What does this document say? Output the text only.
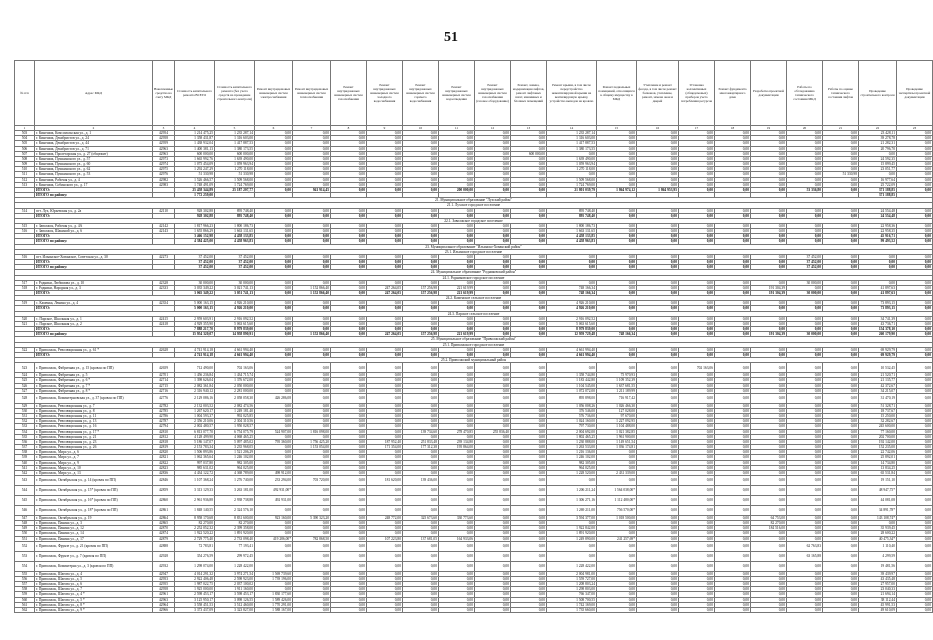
51
№ п/п	Адрес МКД	Накопленные средства на счету МКД	Стоимость капитального ремонта ВСЕГО	Стоимость капитального ремонта (без учета средств на проведение строительного контроля)	Ремонт внутридомовых инженерных систем электроснабжения	Ремонт внутридомовых инженерных систем теплоснабжения	Ремонт внутридомовых инженерных систем газоснабжения	Ремонт внутридомовых инженерных систем холодного водоснабжения	Ремонт внутридомовых инженерных систем горячего водоснабжения	Ремонт внутридомовых инженерных систем водоотведения	Ремонт внутридомовых инженерных систем газоснабжения (газовое оборудование)	Ремонт, замена, модернизация лифтов, ремонт лифтовых шахт, машинных и блочных помещений	Ремонт крыши, в том числе переустройство невентилируемой крыши на вентилируемую крышу, устройство выходов на кровлю	Ремонт подвальных помещений, относящихся к общему имуществу в МКД	Утепление и ремонт фасада, в том числе ремонт балконов, утепление, ремонт, замена окон и дверей	Установка коллективных (общедомовых) приборов учета потребления ресурсов	Ремонт фундамента многоквартирного дома	Разработка проектной документации	Работы по обследованию технического состояния МКД	Работы по оценке технического состояния лифтов	Проведение строительного контроля	Проведение экспертизы проектной документации
1	2	3	4	5	6	7	8	9	10	11	12	13	14	15	16	17	18	19	20	21	22	23
503	г. Кинешма, Комсомольская ул., д. 1	42954	1 214 475,25	1 235 287,14	0,00	0,00	0,00	0,00	0,00	0,00	0,00	0,00	1 235 287,14	0,00	0,00	0,00	0,00	0,00	0,00	0,00	23 428,11	0,00
504	г. Кинешма, Декабристов ул., д. 24	42958	1 358 431,87	1 316 603,00	0,00	0,00	0,00	0,00	0,00	0,00	0,00	0,00	1 316 603,00	0,00	0,00	0,00	0,00	0,00	0,00	0,00	39 278,78	0,00
505	г. Кинешма, Декабристов ул., д. 44	42959	1 438 932,04	1 417 887,53	0,00	0,00	0,00	0,00	0,00	0,00	0,00	0,00	1 417 887,53	0,00	0,00	0,00	0,00	0,00	0,00	0,00	21 282,31	0,00
506	г. Кинешма, Декабристов ул., д. 71	42963	1 400 381,13	1 380 173,55	0,00	0,00	0,00	0,00	0,00	0,00	0,00	0,00	1 380 173,55	0,00	0,00	0,00	0,00	0,00	0,00	0,00	20 796,70	0,00
507	г. Кинешма, Пролетарская ул., д. 27 (общежит)	42963	600 000,00	600 000,00	0,00	0,00	0,00	0,00	0,00	0,00	0,00	600 000,00	0,00	0,00	0,00	0,00	0,00	0,00	0,00	0,00	0,00	0,00
508	г. Кинешма, Пушкинского ул., д. 57	42973	1 665 992,76	1 639 490,00	0,00	0,00	0,00	0,00	0,00	0,00	0,00	0,00	1 639 490,00	0,00	0,00	0,00	0,00	0,00	0,00	0,00	24 592,35	0,00
509	г. Кинешма, Пушкинского ул., д. 60	42974	1 075 454,09	1 059 963,94	0,00	0,00	0,00	0,00	0,00	0,00	0,00	0,00	1 059 963,94	0,00	0,00	0,00	0,00	0,00	0,00	0,00	15 899,45	0,00
510	г. Кинешма, Пушкинского ул., д. 62	42975	1 292 247,29	1 270 118,00	0,00	0,00	0,00	0,00	0,00	0,00	0,00	0,00	1 270 118,00	0,00	0,00	0,00	0,00	0,00	0,00	0,00	23 051,77	0,00
511	г. Кинешма, Пушкинского ул., д. 53	42976	51 330,98	51 330,98	0,00	0,00	0,00	0,00	0,00	0,00	0,00	0,00	0,00	0,00	0,00	0,00	0,00	0,00	0,00	51 330,98	0,00	0,00
512	г. Кинешма, Рабочая ул., д. 4	42982	1 526 466,57	1 509 568,00	0,00	0,00	0,00	0,00	0,00	0,00	0,00	0,00	1 509 568,00	0,00	0,00	0,00	0,00	0,00	0,00	0,00	16 977,64	0,00
513	г. Кинешма, Собинского ул., д. 17	42983	1 748 491,09	1 724 769,00	0,00	0,00	0,00	0,00	0,00	0,00	0,00	0,00	1 724 769,00	0,00	0,00	0,00	0,00	0,00	0,00	0,00	25 722,09	0,00
	ИТОГО:		25 458 344,89	25 187 207,77	0,00	941 914,45	0,00	0,00	0,00	200 000,00	0,00	0,00	21 801 039,79	1 864 974,12	1 864 953,95	0,00	0,00	0,00	53 336,80	0,00	371 188,85	0,00
	ИТОГО по району:		1 772 259,00																		371 188,85	
21. Муниципальное образование "Лухский район"																						
21.1. Лухское городское поселение																						
514	пгт. Лух, Юрьевская ул., д. 2а	42110	928 302,88	895 748,40	0,00	0,00	0,00	0,00	0,00	0,00	0,00	0,00	895 748,40	0,00	0,00	0,00	0,00	0,00	0,00	0,00	24 554,48	0,00
	ИТОГО:		928 302,88	895 748,40	0,00	0,00	0,00	0,00	0,00	0,00	0,00	0,00	895 748,40	0,00	0,00	0,00	0,00	0,00	0,00	0,00	24 554,48	0,00
22.1. Заволжское городское поселение																						
515	г. Заволжск, Рабочая ул., д. 4А	42142	1 817 966,23	1 800 186,73	0,00	0,00	0,00	0,00	0,00	0,00	0,00	0,00	1 800 186,73	0,00	0,00	0,00	0,00	0,00	0,00	0,00	22 958,36	0,00
516	г. Заволжск, Шакиной ул., д. 6	42143	1 655 866,29	1 663 131,65	0,00	0,00	0,00	0,00	0,00	0,00	0,00	0,00	1 663 131,65	0,00	0,00	0,00	0,00	0,00	0,00	0,00	22 958,35	0,00
	ИТОГО:		3 466 152,98	4 458 133,85	0,00	0,00	0,00	0,00	0,00	0,00	0,00	0,00	4 458 133,85	0,00	0,00	0,00	0,00	0,00	0,00	0,00	45 916,71	0,00
	ИТОГО по району:		4 384 425,00	4 458 963,83	0,00	0,00	0,00	0,00	0,00	0,00	0,00	0,00	4 458 963,83	0,00	0,00	0,00	0,00	0,00	0,00	0,00	99 493,52	0,00
23. Муниципальное образование "Ильинско-Хованский район"																						
23.1. Ильинское городское поселение																						
516	пгт. Ильинское-Хованское, Советская ул., д. 30	42273	37 452,00	37 452,00	0,00	0,00	0,00	0,00	0,00	0,00	0,00	0,00	0,00	0,00	0,00	0,00	0,00	0,00	37 452,00	0,00	0,00	0,00
	ИТОГО:		37 452,00	37 452,00	0,00	0,00	0,00	0,00	0,00	0,00	0,00	0,00	0,00	0,00	0,00	0,00	0,00	0,00	37 452,00	0,00	0,00	0,00
	ИТОГО по району:		37 452,00	37 452,00	0,00	0,00	0,00	0,00	0,00	0,00	0,00	0,00	0,00	0,00	0,00	0,00	0,00	0,00	37 452,00	0,00	0,00	0,00
24. Муниципальное образование "Родниковский район"																						
24.1. Родниковское городское поселение																						
517	г. Родники, Любимова ул., д. 10	42328	30 000,00	30 000,00	0,00	0,00	0,00	0,00	0,00	0,00	0,00	0,00	0,00	0,00	0,00	0,00	0,00	0,00	30 000,00	0,00	0,00	0,00
518	г. Родники, Народная ул., д. 3	42333	3 035 349,22	3 021 741,13	0,00	1 152 866,40	0,00	247 264,05	157 256,98	221 619,99	0,00	0,00	748 166,34	0,00	0,00	0,00	0,00	191 304,39	0,00	0,00	41 897,63	0,00
	ИТОГО:		3 065 349,22	3 051 741,13	0,00	1 152 866,40	0,00	247 264,05	157 256,98	221 619,99	0,00	0,00	748 166,34	0,00	0,00	0,00	0,00	191 304,39	30 000,00	0,00	41 897,63	0,00
24.2. Каменское сельское поселение																						
519	с. Каменка, Ленина ул., д. 4	42354	5 000 163,15	4 926 210,00	0,00	0,00	0,00	0,00	0,00	0,00	0,00	0,00	4 926 210,00	0,00	0,00	0,00	0,00	0,00	0,00	0,00	73 893,15	0,00
	ИТОГО:		5 000 163,15	4 926 210,00	0,00	0,00	0,00	0,00	0,00	0,00	0,00	0,00	4 926 210,00	0,00	0,00	0,00	0,00	0,00	0,00	0,00	73 893,15	0,00
24.3. Парское сельское поселение																						
520	с. Парское, Школьная ул., д. 1	42415	2 959 603,91	2 916 092,52	0,00	0,00	0,00	0,00	0,00	0,00	0,00	0,00	2 916 092,52	0,00	0,00	0,00	0,00	0,00	0,00	0,00	34 741,39	0,00
521	с. Парское, Школьная ул., д. 2	42418	4 929 355,90	5 063 615,60	0,00	0,00	0,00	0,00	0,00	0,00	0,00	0,00	5 063 615,60	0,00	0,00	0,00	0,00	0,00	0,00	0,00	43 736,71	0,00
	ИТОГО:		7 888 217,70	8 979 839,00	0,00	0,00	0,00	0,00	0,00	0,00	0,00	0,00	8 979 839,00	0,00	0,00	0,00	0,00	0,00	0,00	0,00	154 378,10	0,00
	ИТОГО по району:		15 954 320,07	14 958 890,91	0,00	1 152 866,40	0,00	247 264,05	157 256,98	221 619,99	0,00	0,00	12 959 729,48	748 166,34	0,00	0,00	0,00	191 304,39	30 000,00	0,00	260 179,90	0,00
25. Муниципальное образование "Приволжский район"																						
25.1. Приволжское городское поселение																						
522	г. Приволжск, Революционная ул., д. 61 *	42628	4 741 914,18	4 661 994,40	0,00	0,00	0,00	0,00	0,00	0,00	0,00	0,00	4 661 994,40	0,00	0,00	0,00	0,00	0,00	0,00	0,00	69 929,79	0,00
	ИТОГО:		4 741 914,18	4 661 994,40	0,00	0,00	0,00	0,00	0,00	0,00	0,00	0,00	4 661 994,40	0,00	0,00	0,00	0,00	0,00	0,00	0,00	69 929,79	0,00
25.2. Приволжский муниципальный район																						
523	г. Приволжск, Фабричная ул., д. 15 (кровля по ПП)	42659	712 490,00	702 163,06	0,00	0,00	0,00	0,00	0,00	0,00	0,00	0,00	0,00	0,00	0,00	702 163,06	0,00	0,00	0,00	0,00	10 532,45	0,00
524	г. Приволжск, Фабричная ул., д. 5	42701	1 456 236,84	1 434 715,74	0,00	0,00	0,00	0,00	0,00	0,00	0,00	0,00	1 358 744,80	75 970,93	0,00	0,00	0,00	0,00	0,00	0,00	21 520,71	0,00
525	г. Приволжск, Фабричная ул., д. 6 *	42714	1 398 626,04	1 376 672,00	0,00	0,00	0,00	0,00	0,00	0,00	0,00	0,00	1 183 442,80	1 109 352,39	0,00	0,00	0,00	0,00	0,00	0,00	21 135,77	0,00
526	г. Приволжск, Фабричная ул., д. 7 *	42715	2 082 361,84	2 050 000,00	0,00	0,00	0,00	0,00	0,00	0,00	0,00	0,00	1 104 545,00	1 637 681,55	0,00	0,00	0,00	0,00	0,00	0,00	42 372,67	0,00
527	г. Приволжск, Фабричная ул., д. 8 *	42716	2 316 940,12	2 281 000,00	0,00	0,00	0,00	0,00	0,00	0,00	0,00	0,00	1 072 072,00	1 211 189,99	0,00	0,00	0,00	0,00	0,00	0,00	34 215,07	0,00
528	г. Приволжск, Коминтерновская ул., д. 37 (кровля по ПП)	42776	2 129 086,16	2 058 058,30	426 286,08	0,00	0,00	0,00	0,00	0,00	0,00	0,00	895 898,00	716 917,42	0,00	0,00	0,00	0,00	0,00	0,00	31 470,19	0,00
529	г. Приволжск, Революционная ул., д. 7	42782	2 132 003,52	2 082 474,56	0,00	0,00	0,00	0,00	0,00	0,00	0,00	0,00	1 056 008,26	1 026 466,30	0,00	0,00	0,00	0,00	0,00	0,00	51 328,71	0,00
530	г. Приволжск, Революционная ул., д. 8	42785	1 267 620,17	1 249 181,40	0,00	0,00	0,00	0,00	0,00	0,00	0,00	0,00	376 546,00	127 028,00	0,00	0,00	0,00	0,00	0,00	0,00	18 737,67	0,00
531	г. Приволжск, Революционная ул., д. 11	42786	1 004 593,37	992 025,85	0,00	0,00	0,00	0,00	0,00	0,00	0,00	0,00	576 736,00	97 670,00	0,00	0,00	0,00	0,00	0,00	0,00	15 250,00	0,00
532	г. Приволжск, Революционная ул., д. 13	42787	2 356 210,06	2 304 310,56	0,00	0,00	0,00	0,00	0,00	0,00	0,00	0,00	1 024 160,00	1 227 092,95	0,00	0,00	0,00	0,00	0,00	0,00	32 282,67	0,00
533	г. Приволжск, Революционная ул., д. 16	42794	2 002 480,57	1 950 028,57	0,00	0,00	0,00	0,00	0,00	0,00	0,00	0,00	797 730,00	1 104 488,00	0,00	0,00	0,00	0,00	0,00	0,00	245 600,00	0,00
534	г. Приволжск, Революционная ул., д. 17 *	42810	6 813 077,70	6 754 075,79	524 907,00	1 816 098,00	0,00	0,00	139 734,60	278 470,85	255 836,40	0,00	2 004 692,00	1 021 382,85	0,00	0,00	0,00	0,00	0,00	0,00	77 160,00	0,00
535	г. Приволжск, Революционная ул., д. 21	42812	4 128 499,90	4 068 465,25	0,00	0,00	0,00	0,00	0,00	0,00	0,00	0,00	1 802 465,25	1 961 900,00	0,00	0,00	0,00	0,00	0,00	0,00	202 700,00	0,00
536	г. Приволжск, Революционная ул., д. 23	42818	5 186 147,07	5 097 485,02	795 360,00	1 756 425,20	0,00	187 952,40	251 833,48	239 134,80	0,00	0,00	1 230 888,00	1 149 651,54	0,00	0,00	0,00	0,00	0,00	0,00	192 142,00	0,00
537	г. Приволжск, Революционная ул., д. 26	42819	2 153 783,34	3 235 968,05	0,00	1 153 054,00	0,00	171 354,00	177 312,38	195 864,00	0,00	0,00	1 263 533,00	1 036 174,81	0,00	0,00	0,00	0,00	0,00	0,00	152 235,00	0,00
538	г. Приволжск, Мира ул., д. 6	42820	1 506 893,86	1 521 206,29	0,00	0,00	0,00	0,00	0,00	0,00	0,00	0,00	1 216 136,00	0,00	0,00	0,00	0,00	0,00	0,00	0,00	22 742,06	0,00
539	г. Приволжск, Мира ул., д. 7	42821	1 062 365,64	1 246 102,00	0,00	0,00	0,00	0,00	0,00	0,00	0,00	0,00	1 246 102,00	0,00	0,00	0,00	0,00	0,00	0,00	0,00	25 892,01	0,00
540	г. Приволжск, Мира ул., д. 9	42822	997 037,80	982 305,00	0,00	0,00	0,00	0,00	0,00	0,00	0,00	0,00	982 305,00	0,00	0,00	0,00	0,00	0,00	0,00	0,00	14 734,80	0,00
541	г. Приволжск, Мира ул., д. 10	42823	985 631,02	964 025,00	0,00	0,00	0,00	0,00	0,00	0,00	0,00	0,00	964 025,00	0,00	0,00	0,00	0,00	0,00	0,00	0,00	13 834,25	0,00
542	г. Приволжск, Мира ул., д. 13	42836	4 434 122,72	4 368 789,00	498 912,00	0,00	0,00	0,00	0,00	0,00	0,00	0,00	1 228 520,00	2 431 339,00	0,00	0,00	0,00	0,00	0,00	0,00	65 531,84	0,00
543	г. Приволжск, Октябрьская ул., д. 14 (кровля по ПП)	42846	1 107 368,24	1 276 740,00	233 294,00	703 720,00	0,00	181 620,00	139 436,00	0,00	0,00	0,00	0,00	0,00	0,00	0,00	0,00	0,00	0,00	0,00	19 151,10	0,00
544	г. Приволжск, Октябрьская ул., д. 15* (кровля по ПП)	42859	3 313 129,33	3 263 181,00	492 931,00*	0,00	0,00	0,00	0,00	0,00	0,00	0,00	1 206 211,24	1 564 038,00*	0,00	0,00	0,00	0,00	0,00	0,00	48 947,75*	0,00
545	г. Приволжск, Октябрьская ул., д. 16* (кровля по ПП)	42860	2 961 936,88	2 938 738,88	492 931,00	0,00	0,00	0,00	0,00	0,00	0,00	0,00	1 306 271,16	1 112 480,00*	0,00	0,00	0,00	0,00	0,00	0,00	44 081,08	0,00
546	г. Приволжск, Октябрьская ул., д. 18* (кровля по ПП)	42861	1 848 140,55	2 324 576,10	0,00	0,00	0,00	0,00	0,00	0,00	0,00	0,00	1 269 211,00	756 570,00*	0,00	0,00	0,00	0,00	0,00	0,00	34 891,78*	0,00
547	г. Приволжск, Октябрьская ул., д. 19	42864	8 958 170,68	8 831 600,00	923 160,00	5 390 323,20	0,00	248 772,00	325 673,60	330 773,60	0,00	0,00	3 594 377,00	1 018 500,00	0,00	0,00	0,00	64 753,00	0,00	0,00	143 108,74*	0,00
548	г. Приволжск, Панина ул., д. 3	42865	82 270,00	82 270,00	0,00	0,00	0,00	0,00	0,00	0,00	0,00	0,00	0,00	0,00	0,00	0,00	0,00	82 270,00	0,00	0,00	0,00	0,00
549	г. Приволжск, Панина ул., д. 12	42870	2 252 052,32	2 399 358,00	0,00	0,00	0,00	0,00	0,00	0,00	0,00	0,00	1 922 842,00	0,00	0,00	0,00	0,00	184 516,00	0,00	0,00	35 939,45	0,00
550	г. Приволжск, Панина ул., д. 14	42874	1 922 520,22	1 891 920,00	0,00	0,00	0,00	0,00	0,00	0,00	0,00	0,00	1 891 920,00	0,00	0,00	0,00	0,00	0,00	0,00	0,00	28 600,22	0,00
551	г. Приволжск, Панина ул., д. 17	42879	2 729 775,40	2 733 098,40	419 286,00*	782 868,50	0,00	107 223,80	137 681,05	164 933,06	0,00	0,00	1 249 890,00	241 257,69*	0,00	0,00	0,00	0,00	0,00	0,00	40 475,34*	0,00
552	г. Приволжск, Фрунзе ул., д. 21 (кровля по ПП)	42888	72 783,81	77 193,41	0,00	0,00	0,00	0,00	0,00	0,00	0,00	0,00	0,00	0,00	0,00	0,00	0,00	0,00	62 763,83	0,00	1 110,40	0,00
553	г. Приволжск, Фрунзе ул., д. 7 (кровля по ПП)	42928	354 276,59	299 972,45	0,00	0,00	0,00	0,00	0,00	0,00	0,00	0,00	0,00	0,00	0,00	0,00	0,00	0,00	63 165,88	0,00	4 299,59	0,00
554	г. Приволжск, Коминтерна ул., д. 3 (кровля по ПП)	42932	1 298 074,00	1 228 422,00	0,00	0,00	0,00	0,00	0,00	0,00	0,00	0,00	1 228 422,00	0,00	0,00	0,00	0,00	0,00	0,00	0,00	19 481,56	0,00
555	г. Приволжск, Шагова ул., д. 4	42947	4 014 291,32	3 974 271,54	1 569 739,60	0,00	0,00	0,00	0,00	0,00	0,00	0,00	2 004 981,00	0,00	0,00	0,00	0,00	0,00	0,00	0,00	39 439,97	0,00
556	г. Приволжск, Шагова ул., д. 5	42953	2 922 406,48	2 598 923,00	1 739 196,00	0,00	0,00	0,00	0,00	0,00	0,00	0,00	1 559 727,00	0,00	0,00	0,00	0,00	0,00	0,00	0,00	43 435,48	0,00
557	г. Приволжск, Шагова ул., д. 6	42955	1 987 022,75	2 037 100,02	0,00	0,00	0,00	0,00	0,00	0,00	0,00	0,00	1 208 803,24	0,00	0,00	0,00	0,00	0,00	0,00	0,00	27 957,00	0,00
558	г. Приволжск, Шагова ул., д. 7	42958	1 925 000,00	1 911 160,00	0,00	0,00	0,00	0,00	0,00	0,00	0,00	0,00	1 298 803,00	0,00	0,00	0,00	0,00	0,00	0,00	0,00	23 040,33	0,00
559	г. Приволжск, Шагова ул., д. 4 *	42961	2 598 453,17	3 598 453,17	1 830 177,60	0,00	0,00	0,00	0,00	0,00	0,00	0,00	766 347,00	0,00	0,00	0,00	0,00	0,00	0,00	0,00	21 694,14	0,00
560	г. Приволжск, Шагова ул., д. 5 *	42963	3 125 950,17	3 098 126,55	1 589 426,00	0,00	0,00	0,00	0,00	0,00	0,00	0,00	1 508 700,55	0,00	0,00	0,00	0,00	0,00	0,00	0,00	38 112,44	0,00
561	г. Приволжск, Шагова ул., д. 8 *	42964	3 558 451,53	3 512 460,00	1 770 291,00	0,00	0,00	0,00	0,00	0,00	0,00	0,00	1 742 169,00	0,00	0,00	0,00	0,00	0,00	0,00	0,00	45 991,53	0,00
562	г. Приволжск, Шагова ул., д. 9 *	42966	3 373 437,09	3 323 827,00	1 588 167,00	0,00	0,00	0,00	0,00	0,00	0,00	0,00	1 735 660,00	0,00	0,00	0,00	0,00	0,00	0,00	0,00	49 610,09	0,00
